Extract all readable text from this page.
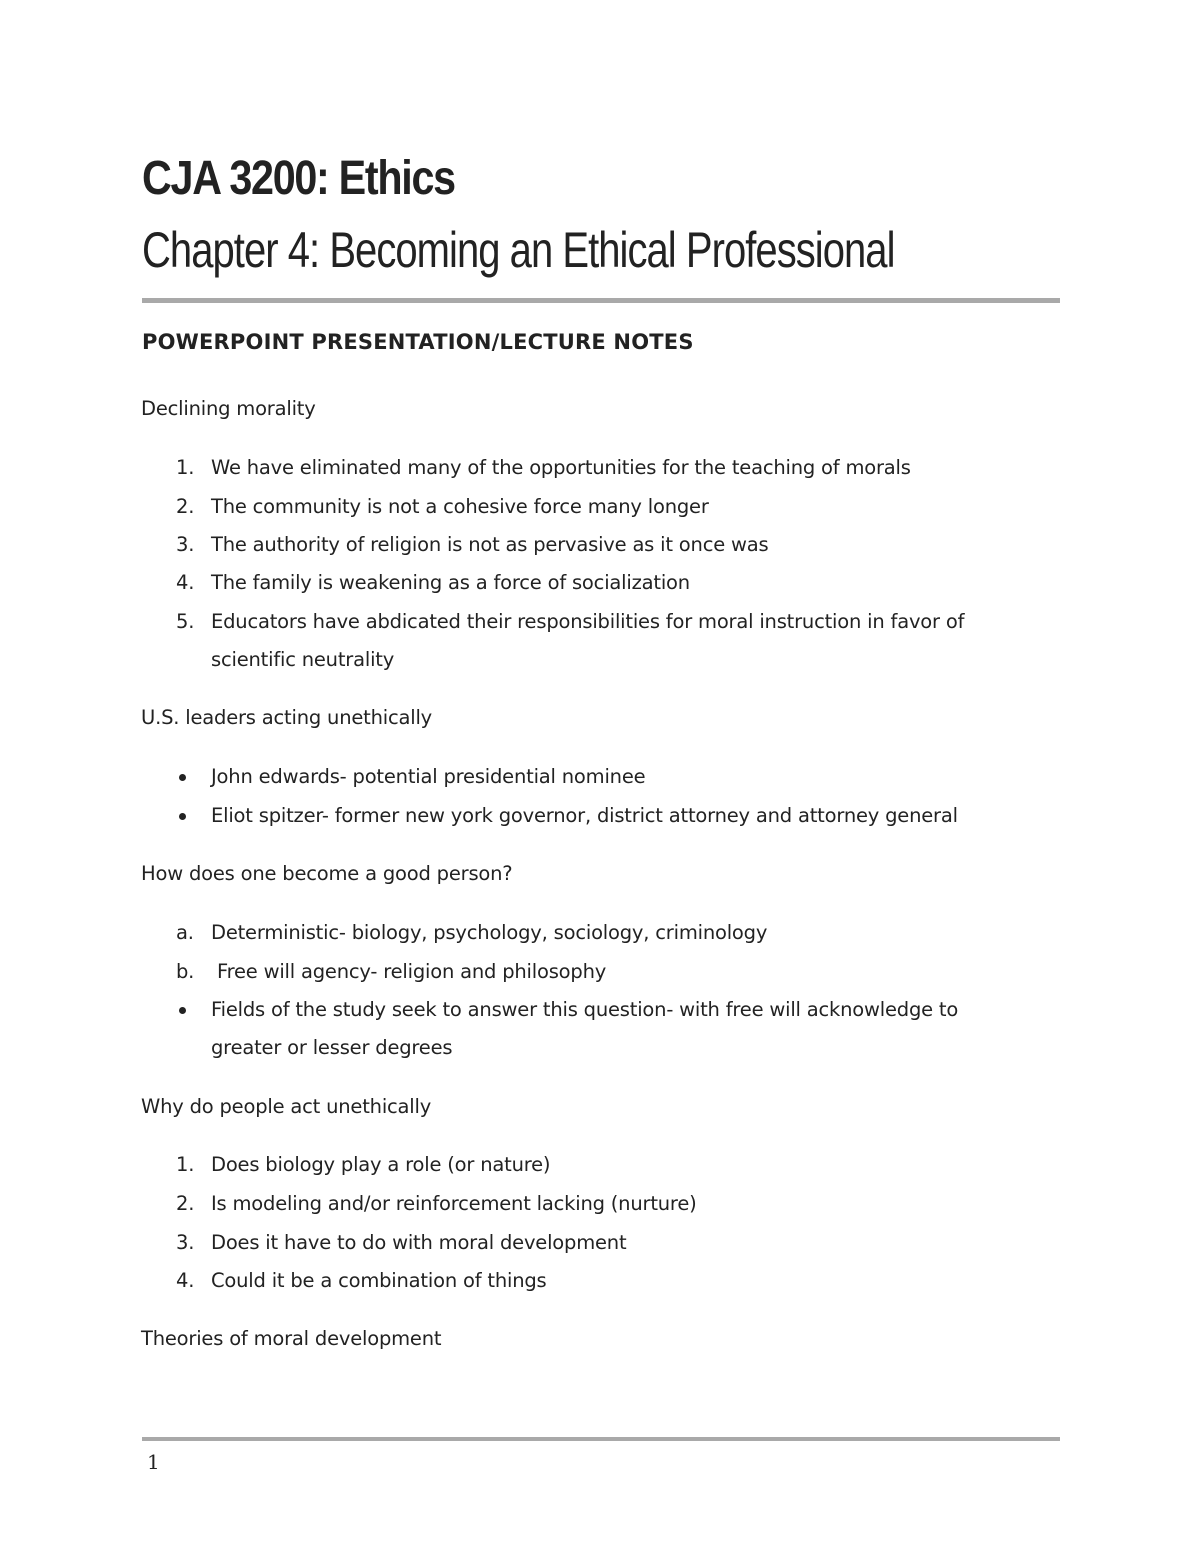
CJA 3200: Ethics
Chapter 4: Becoming an Ethical Professional
POWERPOINT PRESENTATION/LECTURE NOTES
Declining morality
1. We have eliminated many of the opportunities for the teaching of morals
2. The community is not a cohesive force many longer
3. The authority of religion is not as pervasive as it once was
4. The family is weakening as a force of socialization
5. Educators have abdicated their responsibilities for moral instruction in favor of scientific neutrality
U.S. leaders acting unethically
John edwards- potential presidential nominee
Eliot spitzer- former new york governor, district attorney and attorney general
How does one become a good person?
a. Deterministic- biology, psychology, sociology, criminology
b. Free will agency- religion and philosophy
Fields of the study seek to answer this question- with free will acknowledge to greater or lesser degrees
Why do people act unethically
1. Does biology play a role (or nature)
2. Is modeling and/or reinforcement lacking (nurture)
3. Does it have to do with moral development
4. Could it be a combination of things
Theories of moral development
1
